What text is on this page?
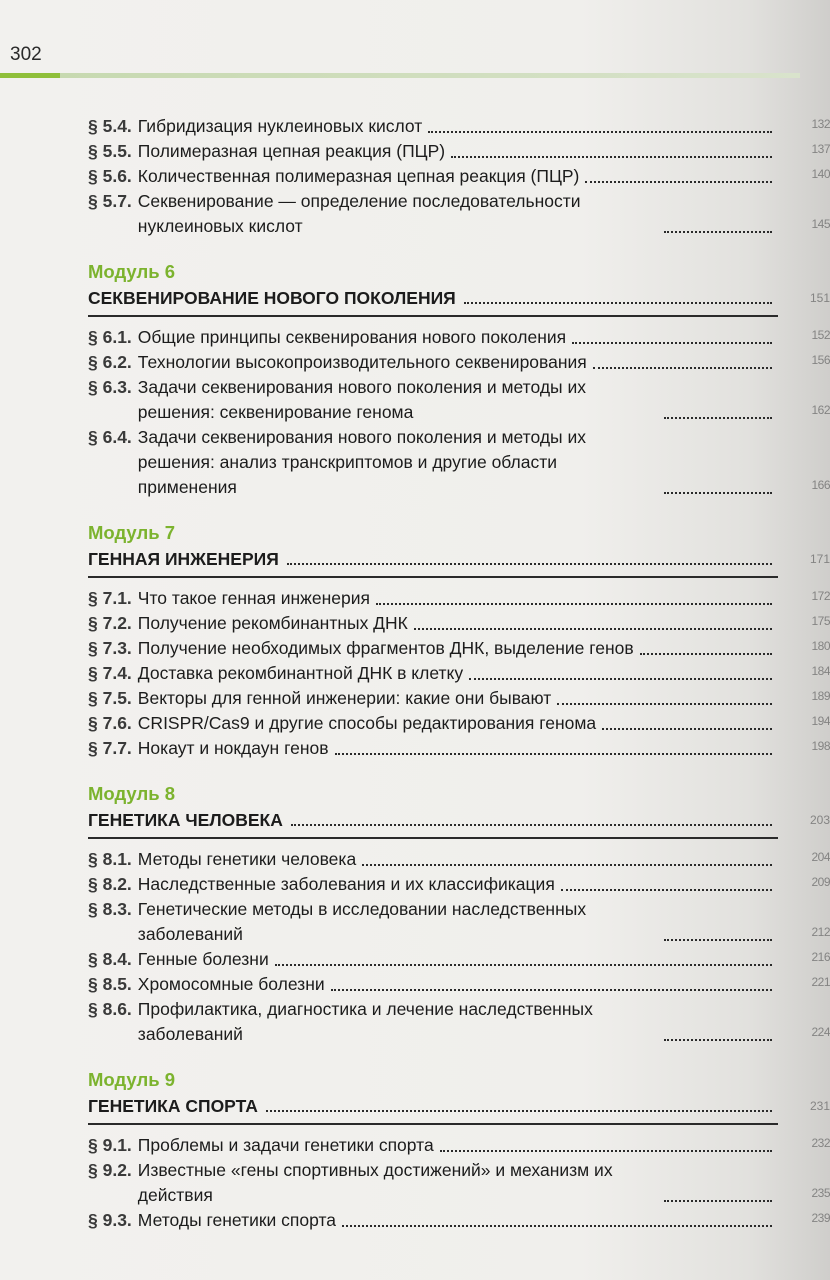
302
§ 5.4. Гибридизация нуклеиновых кислот	132
§ 5.5. Полимеразная цепная реакция (ПЦР)	137
§ 5.6. Количественная полимеразная цепная реакция (ПЦР)	140
§ 5.7. Секвенирование — определение последовательности нуклеиновых кислот	145
Модуль 6
СЕКВЕНИРОВАНИЕ НОВОГО ПОКОЛЕНИЯ	151
§ 6.1. Общие принципы секвенирования нового поколения	152
§ 6.2. Технологии высокопроизводительного секвенирования	156
§ 6.3. Задачи секвенирования нового поколения и методы их решения: секвенирование генома	162
§ 6.4. Задачи секвенирования нового поколения и методы их решения: анализ транскриптомов и другие области применения	166
Модуль 7
ГЕННАЯ ИНЖЕНЕРИЯ	171
§ 7.1. Что такое генная инженерия	172
§ 7.2. Получение рекомбинантных ДНК	175
§ 7.3. Получение необходимых фрагментов ДНК, выделение генов	180
§ 7.4. Доставка рекомбинантной ДНК в клетку	184
§ 7.5. Векторы для генной инженерии: какие они бывают	189
§ 7.6. CRISPR/Cas9 и другие способы редактирования генома	194
§ 7.7. Нокаут и нокдаун генов	198
Модуль 8
ГЕНЕТИКА ЧЕЛОВЕКА	203
§ 8.1. Методы генетики человека	204
§ 8.2. Наследственные заболевания и их классификация	209
§ 8.3. Генетические методы в исследовании наследственных заболеваний	212
§ 8.4. Генные болезни	216
§ 8.5. Хромосомные болезни	221
§ 8.6. Профилактика, диагностика и лечение наследственных заболеваний	224
Модуль 9
ГЕНЕТИКА СПОРТА	231
§ 9.1. Проблемы и задачи генетики спорта	232
§ 9.2. Известные «гены спортивных достижений» и механизм их действия	235
§ 9.3. Методы генетики спорта	239
